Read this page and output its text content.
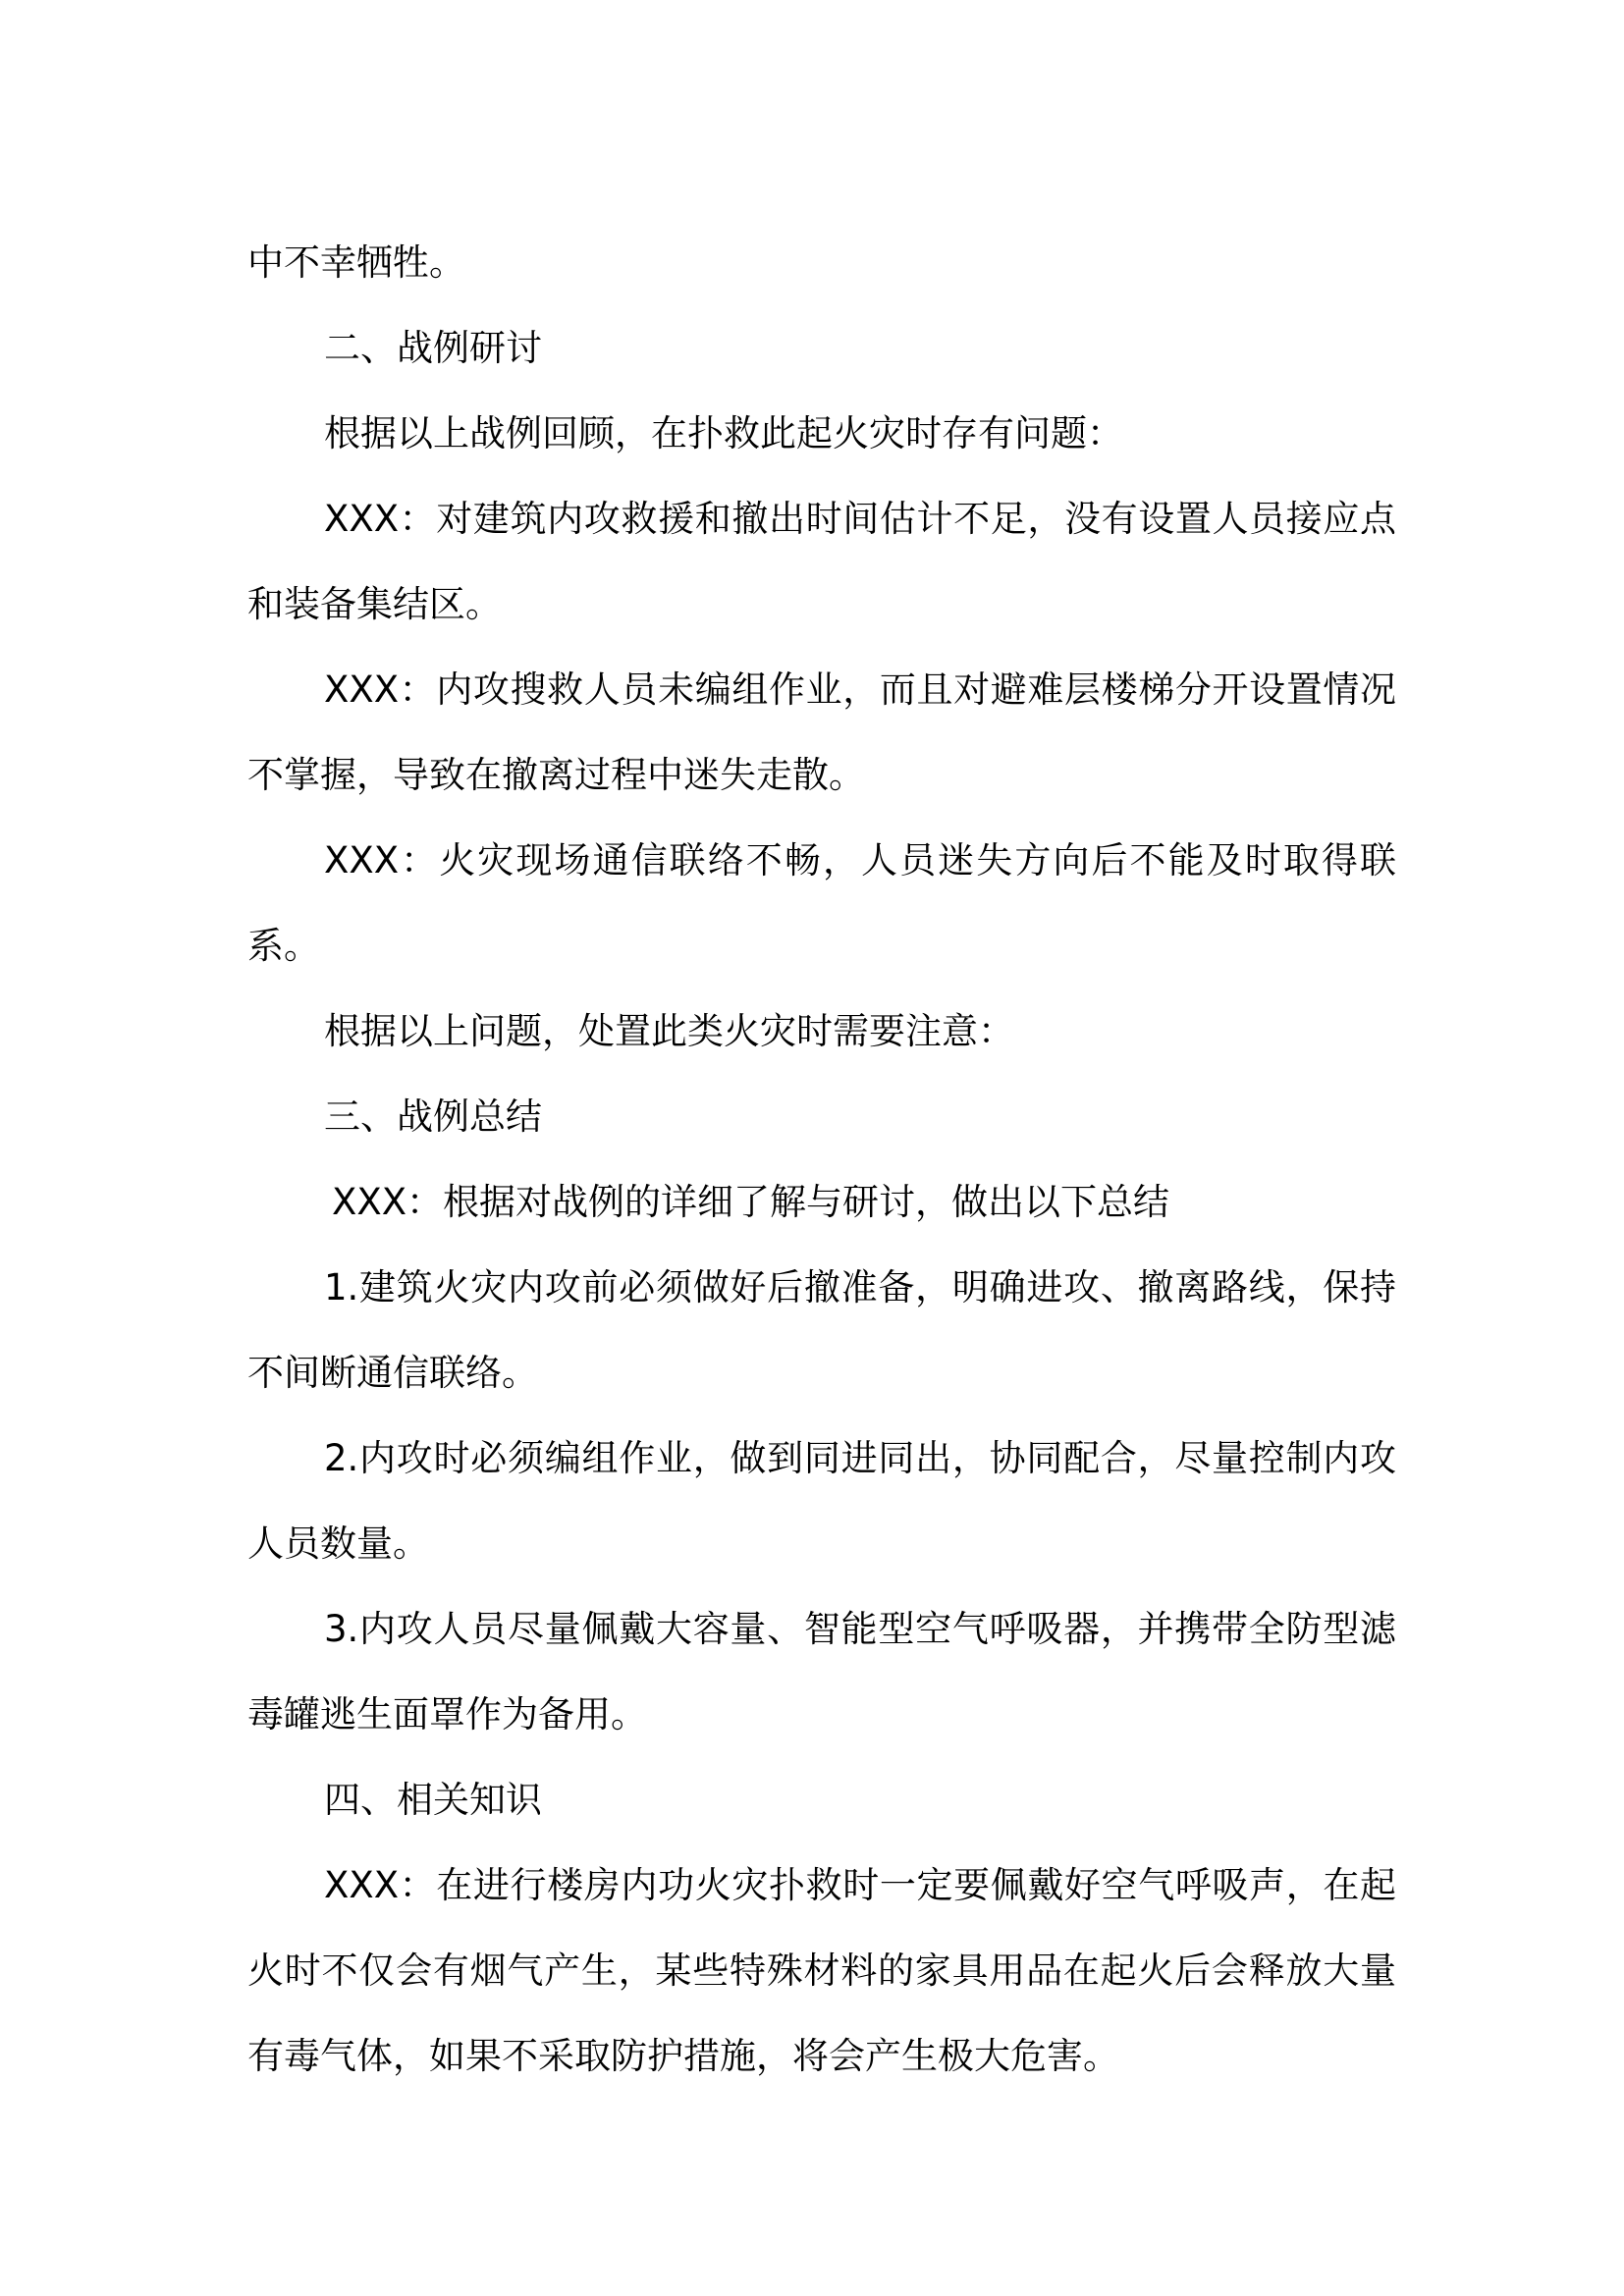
中不幸牺牲。

二、战例研讨

根据以上战例回顾，在扑救此起火灾时存有问题：

XXX：对建筑内攻救援和撤出时间估计不足，没有设置人员接应点和装备集结区。

XXX：内攻搜救人员未编组作业，而且对避难层楼梯分开设置情况不掌握，导致在撤离过程中迷失走散。

XXX：火灾现场通信联络不畅，人员迷失方向后不能及时取得联系。

根据以上问题，处置此类火灾时需要注意：

三、战例总结

XXX：根据对战例的详细了解与研讨，做出以下总结

1.建筑火灾内攻前必须做好后撤准备，明确进攻、撤离路线，保持不间断通信联络。

2.内攻时必须编组作业，做到同进同出，协同配合，尽量控制内攻人员数量。

3.内攻人员尽量佩戴大容量、智能型空气呼吸器，并携带全防型滤毒罐逃生面罩作为备用。

四、相关知识

XXX：在进行楼房内功火灾扑救时一定要佩戴好空气呼吸声，在起火时不仅会有烟气产生，某些特殊材料的家具用品在起火后会释放大量有毒气体，如果不采取防护措施，将会产生极大危害。
